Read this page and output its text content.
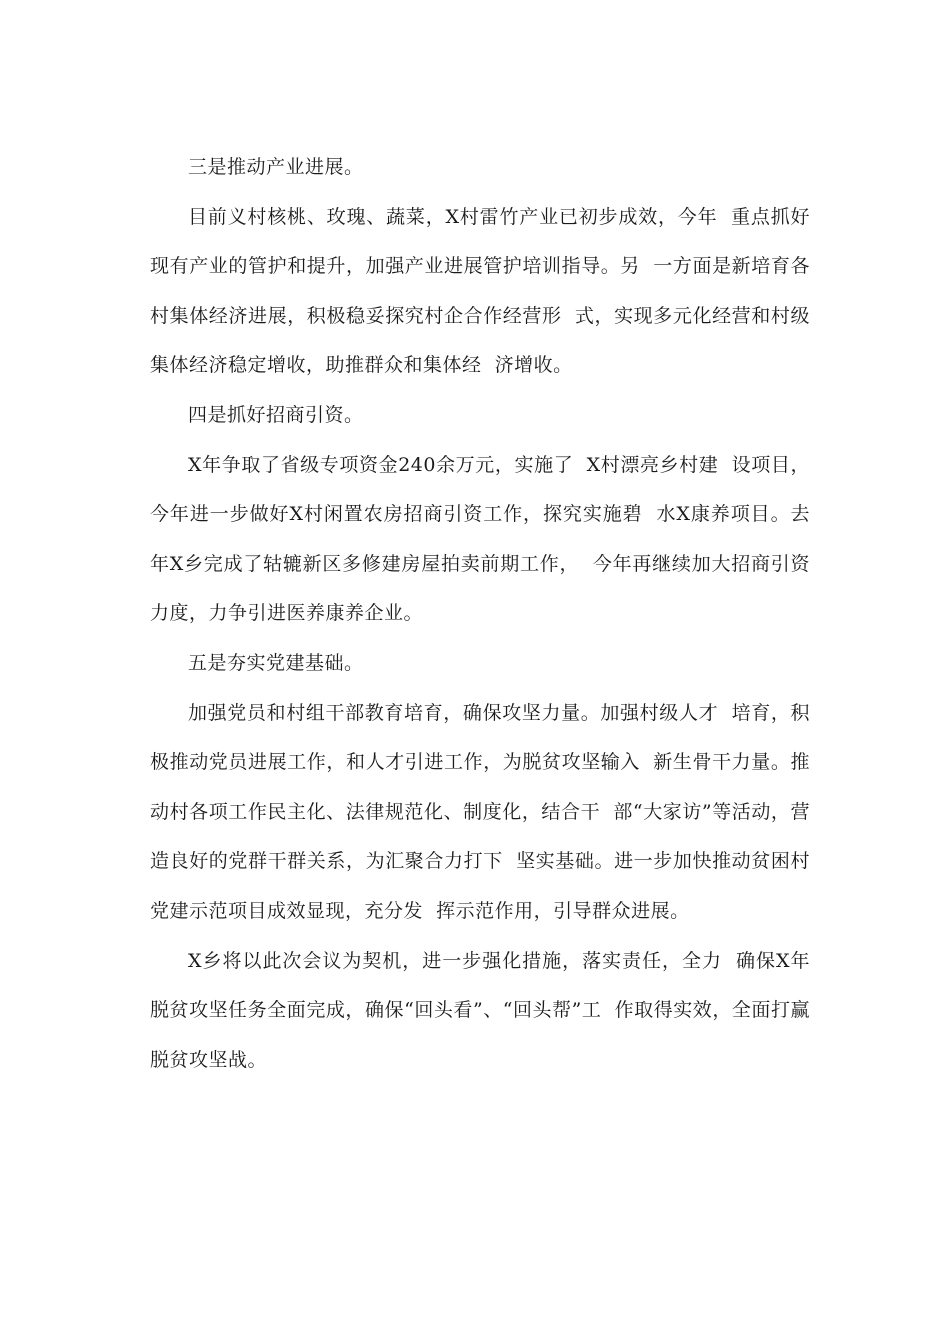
三是推动产业进展。

目前义村核桃、玫瑰、蔬菜，X村雷竹产业已初步成效，今年  重点抓好现有产业的管护和提升，加强产业进展管护培训指导。另  一方面是新培育各村集体经济进展，积极稳妥探究村企合作经营形  式，实现多元化经营和村级集体经济稳定增收，助推群众和集体经  济增收。

四是抓好招商引资。

X年争取了省级专项资金240余万元，实施了  X村漂亮乡村建  设项目，今年进一步做好X村闲置农房招商引资工作，探究实施碧  水X康养项目。去年X乡完成了轱辘新区多修建房屋拍卖前期工作，  今年再继续加大招商引资力度，力争引进医养康养企业。

五是夯实党建基础。

加强党员和村组干部教育培育，确保攻坚力量。加强村级人才  培育，积极推动党员进展工作，和人才引进工作，为脱贫攻坚输入  新生骨干力量。推动村各项工作民主化、法律规范化、制度化，结合干  部“大家访”等活动，营造良好的党群干群关系，为汇聚合力打下  坚实基础。进一步加快推动贫困村党建示范项目成效显现，充分发  挥示范作用，引导群众进展。

X乡将以此次会议为契机，进一步强化措施，落实责任，全力  确保X年脱贫攻坚任务全面完成，确保“回头看”、“回头帮”工  作取得实效，全面打赢脱贫攻坚战。
